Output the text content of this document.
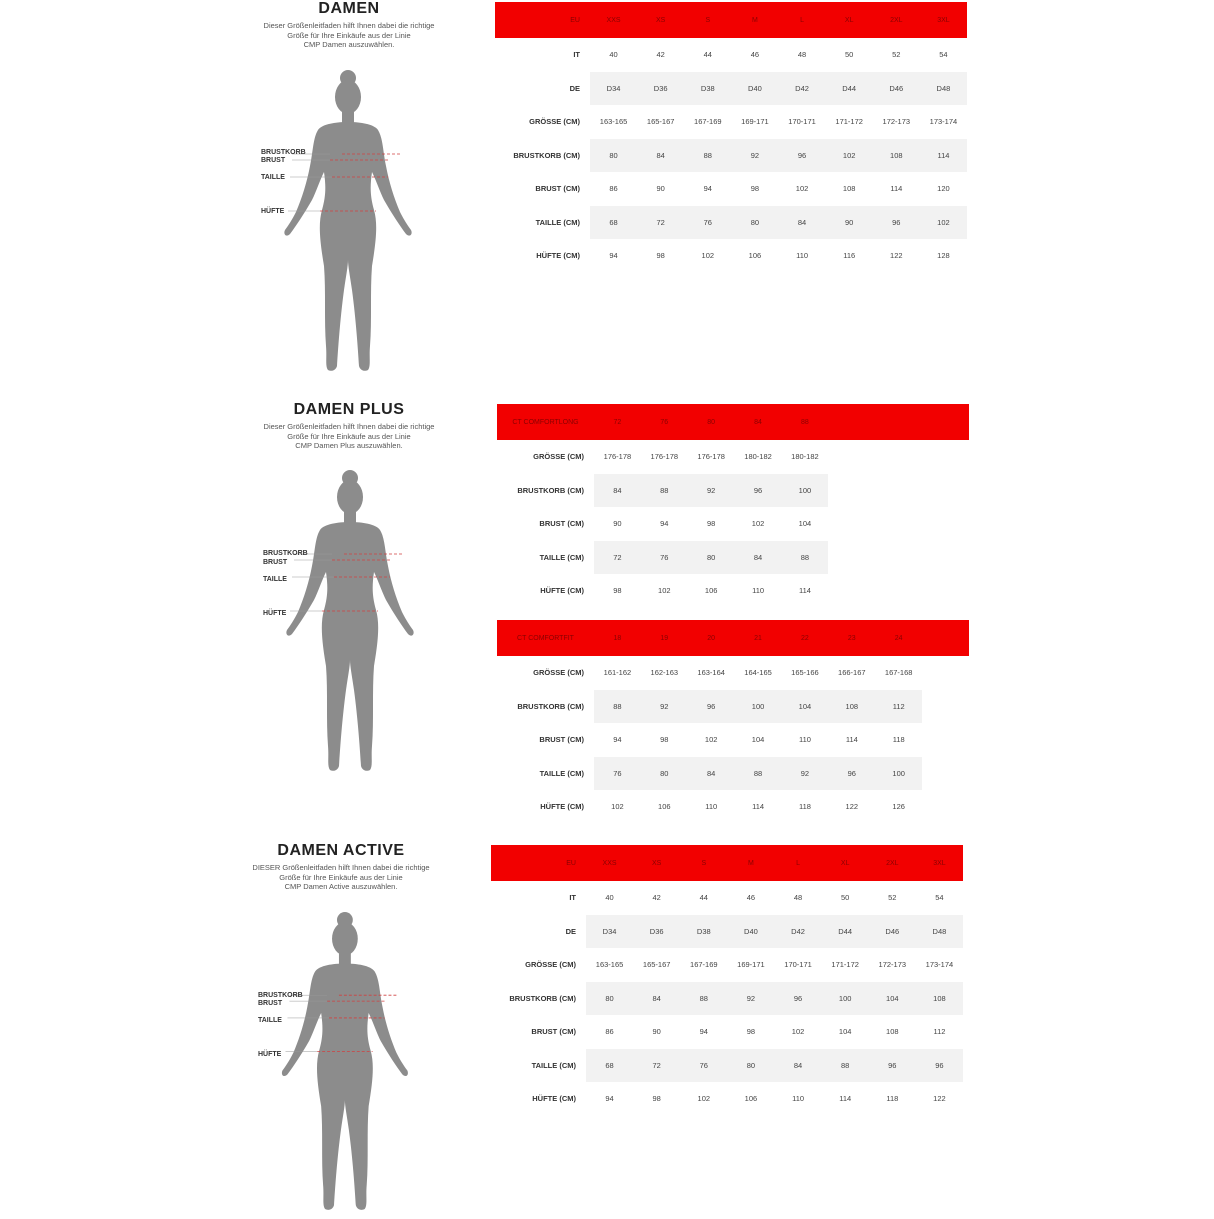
DAMEN
Dieser Größenleitfaden hilft Ihnen dabei die richtige
Größe für Ihre Einkäufe aus der Linie
CMP Damen auszuwählen.
BRUSTKORB
BRUST
TAILLE
HÜFTE
EU	XXS	XS	S	M	L	XL	2XL	3XL
IT	40	42	44	46	48	50	52	54
DE	D34	D36	D38	D40	D42	D44	D46	D48
GRÖSSE (CM)	163-165	165-167	167-169	169-171	170-171	171-172	172-173	173-174
BRUSTKORB (CM)	80	84	88	92	96	102	108	114
BRUST (CM)	86	90	94	98	102	108	114	120
TAILLE (CM)	68	72	76	80	84	90	96	102
HÜFTE (CM)	94	98	102	106	110	116	122	128
DAMEN PLUS
Dieser Größenleitfaden hilft Ihnen dabei die richtige
Größe für Ihre Einkäufe aus der Linie
CMP Damen Plus auszuwählen.
BRUSTKORB
BRUST
TAILLE
HÜFTE
CT COMFORTLONG	72	76	80	84	88			
GRÖSSE (CM)	176-178	176-178	176-178	180-182	180-182			
BRUSTKORB (CM)	84	88	92	96	100			
BRUST (CM)	90	94	98	102	104			
TAILLE (CM)	72	76	80	84	88			
HÜFTE (CM)	98	102	106	110	114			
CT COMFORTFIT	18	19	20	21	22	23	24	
GRÖSSE (CM)	161-162	162-163	163-164	164-165	165-166	166-167	167-168	
BRUSTKORB (CM)	88	92	96	100	104	108	112	
BRUST (CM)	94	98	102	104	110	114	118	
TAILLE (CM)	76	80	84	88	92	96	100	
HÜFTE (CM)	102	106	110	114	118	122	126	
DAMEN ACTIVE
DIESER Größenleitfaden hilft Ihnen dabei die richtige
Größe für Ihre Einkäufe aus der Linie
CMP Damen Active auszuwählen.
BRUSTKORB
BRUST
TAILLE
HÜFTE
EU	XXS	XS	S	M	L	XL	2XL	3XL
IT	40	42	44	46	48	50	52	54
DE	D34	D36	D38	D40	D42	D44	D46	D48
GRÖSSE (CM)	163-165	165-167	167-169	169-171	170-171	171-172	172-173	173-174
BRUSTKORB (CM)	80	84	88	92	96	100	104	108
BRUST (CM)	86	90	94	98	102	104	108	112
TAILLE (CM)	68	72	76	80	84	88	96	96
HÜFTE (CM)	94	98	102	106	110	114	118	122
